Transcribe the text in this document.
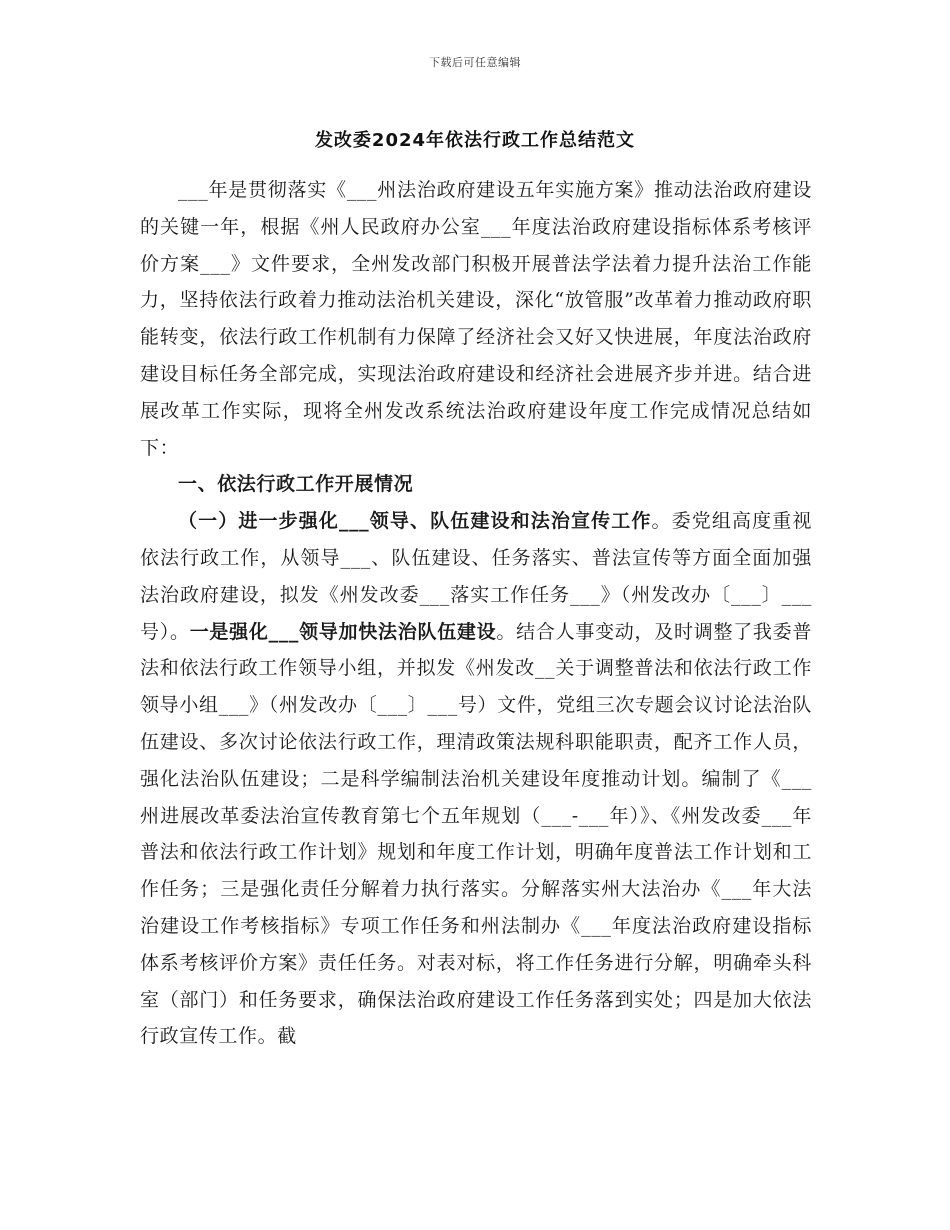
下载后可任意编辑
发改委2024年依法行政工作总结范文

___年是贯彻落实《___州法治政府建设五年实施方案》推动法治政府建设的关键一年，根据《州人民政府办公室___年度法治政府建设指标体系考核评价方案___》文件要求，全州发改部门积极开展普法学法着力提升法治工作能力，坚持依法行政着力推动法治机关建设，深化“放管服”改革着力推动政府职能转变，依法行政工作机制有力保障了经济社会又好又快进展，年度法治政府建设目标任务全部完成，实现法治政府建设和经济社会进展齐步并进。结合进展改革工作实际，现将全州发改系统法治政府建设年度工作完成情况总结如下：

一、依法行政工作开展情况

（一）进一步强化___领导、队伍建设和法治宣传工作。委党组高度重视依法行政工作，从领导___、队伍建设、任务落实、普法宣传等方面全面加强法治政府建设，拟发《州发改委___落实工作任务___》（州发改办〔___〕___号）。一是强化___领导加快法治队伍建设。结合人事变动，及时调整了我委普法和依法行政工作领导小组，并拟发《州发改__关于调整普法和依法行政工作领导小组___》（州发改办〔___〕___号）文件，党组三次专题会议讨论法治队伍建设、多次讨论依法行政工作，理清政策法规科职能职责，配齐工作人员，强化法治队伍建设；二是科学编制法治机关建设年度推动计划。编制了《___州进展改革委法治宣传教育第七个五年规划（___-___年）》、《州发改委___年普法和依法行政工作计划》规划和年度工作计划，明确年度普法工作计划和工作任务；三是强化责任分解着力执行落实。分解落实州大法治办《___年大法治建设工作考核指标》专项工作任务和州法制办《___年度法治政府建设指标体系考核评价方案》责任任务。对表对标，将工作任务进行分解，明确牵头科室（部门）和任务要求，确保法治政府建设工作任务落到实处；四是加大依法行政宣传工作。截
